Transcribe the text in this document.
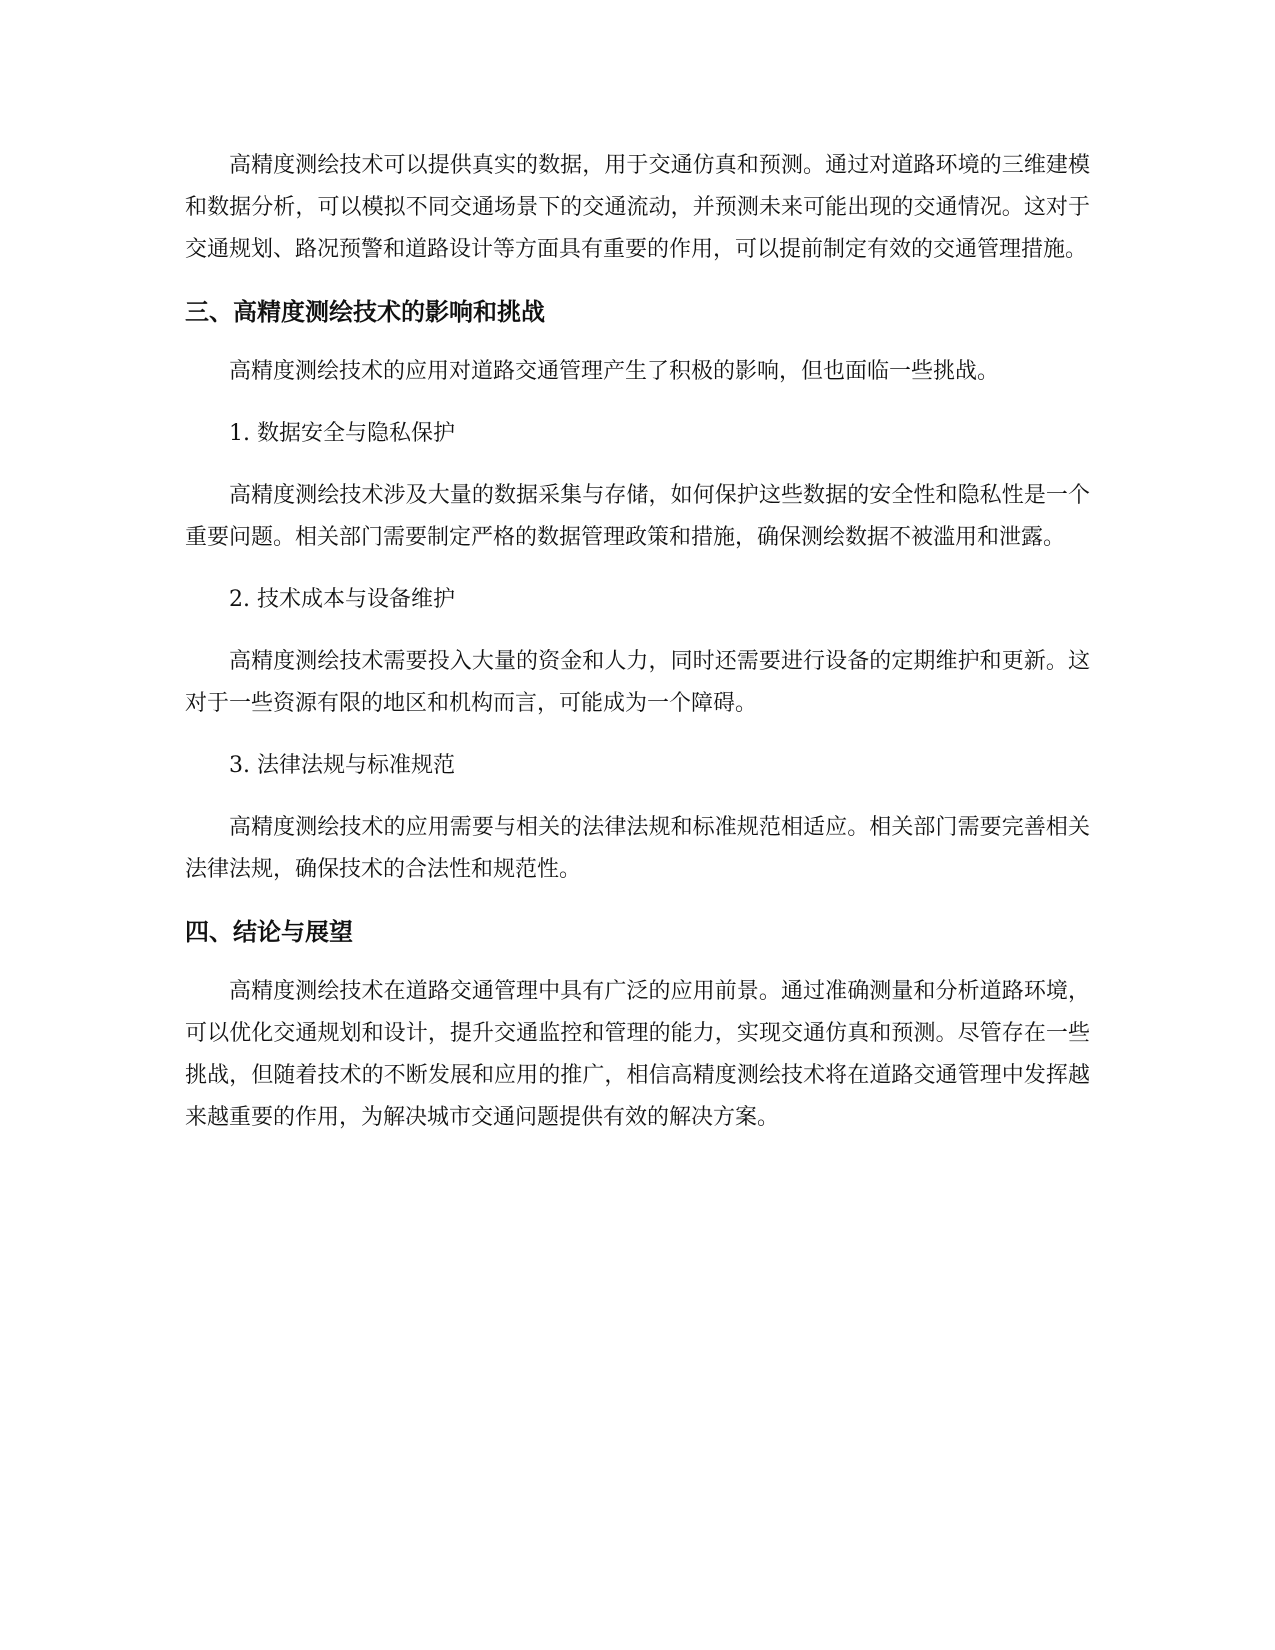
高精度测绘技术可以提供真实的数据，用于交通仿真和预测。通过对道路环境的三维建模和数据分析，可以模拟不同交通场景下的交通流动，并预测未来可能出现的交通情况。这对于交通规划、路况预警和道路设计等方面具有重要的作用，可以提前制定有效的交通管理措施。

三、高精度测绘技术的影响和挑战

高精度测绘技术的应用对道路交通管理产生了积极的影响，但也面临一些挑战。

1. 数据安全与隐私保护

高精度测绘技术涉及大量的数据采集与存储，如何保护这些数据的安全性和隐私性是一个重要问题。相关部门需要制定严格的数据管理政策和措施，确保测绘数据不被滥用和泄露。

2. 技术成本与设备维护

高精度测绘技术需要投入大量的资金和人力，同时还需要进行设备的定期维护和更新。这对于一些资源有限的地区和机构而言，可能成为一个障碍。

3. 法律法规与标准规范

高精度测绘技术的应用需要与相关的法律法规和标准规范相适应。相关部门需要完善相关法律法规，确保技术的合法性和规范性。

四、结论与展望

高精度测绘技术在道路交通管理中具有广泛的应用前景。通过准确测量和分析道路环境，可以优化交通规划和设计，提升交通监控和管理的能力，实现交通仿真和预测。尽管存在一些挑战，但随着技术的不断发展和应用的推广，相信高精度测绘技术将在道路交通管理中发挥越来越重要的作用，为解决城市交通问题提供有效的解决方案。
